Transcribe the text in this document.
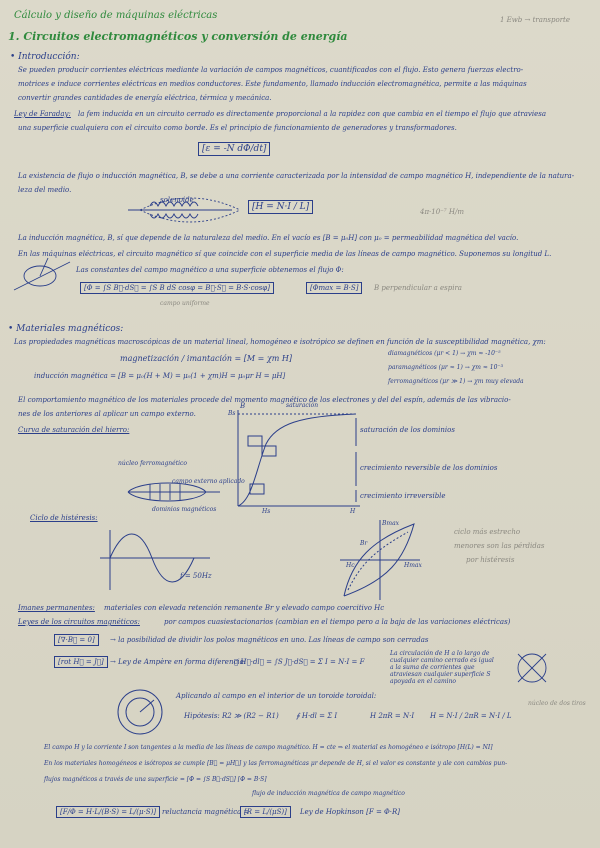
Cálculo y diseño de máquinas eléctricas	1 Ewb → transporte
1. Circuitos electromagnéticos y conversión de energía
• Introducción:
Se pueden producir corrientes eléctricas mediante la variación de campos magnéticos, cuantificados con el flujo. Esto genera fuerzas electro-
motrices e induce corrientes eléctricas en medios conductores. Este fundamento, llamado inducción electromagnética, permite a las máquinas
convertir grandes cantidades de energía eléctrica, térmica y mecánica.
Ley de Faraday: la fem inducida en un circuito cerrado es directamente proporcional a la rapidez con que cambia en el tiempo el flujo que atraviesa
una superficie cualquiera con el circuito como borde. Es el principio de funcionamiento de generadores y transformadores.
[ε = -N dΦ/dt]
La existencia de flujo o inducción magnética, B, se debe a una corriente caracterizada por la intensidad de campo magnético H, independiente de la natura-
leza del medio.
solenoide
[H = N·I / L]	4π·10⁻⁷ H/m
La inducción magnética, B, sí que depende de la naturaleza del medio. En el vacío es [B = μ₀H] con μ₀ = permeabilidad magnética del vacío.
En las máquinas eléctricas, el circuito magnético sí que coincide con el superficie media de las líneas de campo magnético. Suponemos su longitud L.
Las constantes del campo magnético a una superficie obtenemos el flujo Φ:
[Φ = ∫S B⃗·dS⃗ = ∫S B dS cosφ = B⃗·S⃗ = B·S·cosφ]	[Φmax = B·S]	B perpendicular a espira
campo uniforme
• Materiales magnéticos:
Las propiedades magnéticas macroscópicas de un material lineal, homogéneo e isotrópico se definen en función de la susceptibilidad magnética, χm:
magnetización / imantación = [M = χm H]
diamagnéticos (μr < 1) → χm ≈ -10⁻⁵
paramagnéticos (μr ≈ 1) → χm ≈ 10⁻³
ferromagnéticos (μr ≫ 1) → χm muy elevada
inducción magnética = [B = μ₀(H + M) = μ₀(1 + χm)H = μ₀μr H = μH]
El comportamiento magnético de los materiales procede del momento magnético de los electrones y del del espín, además de las vibracio-
nes de los anteriores al aplicar un campo externo.
Curva de saturación del hierro:
B	saturación
Bs
H
Hs
saturación de los dominios
crecimiento reversible de los dominios
crecimiento irreversible
núcleo ferromagnético
campo externo aplicado
dominios magnéticos
Ciclo de histéresis:
f = 50Hz
Bmax
Br
Hc	Hmax
ciclo más estrecho
menores son las pérdidas
por histéresis
Imanes permanentes: materiales con elevada retención remanente Br y elevado campo coercitivo Hc
Leyes de los circuitos magnéticos:	por campos cuasiestacionarios (cambian en el tiempo pero a la baja de las variaciones eléctricas)
[∇·B⃗ = 0]	→ la posibilidad de dividir los polos magnéticos en uno. Las líneas de campo son cerradas
[rot H⃗ = J⃗] → Ley de Ampère en forma diferencial
∮ H⃗·dl⃗ = ∫S J⃗·dS⃗ = Σ I = N·I = F
La circulación de H a lo largo de cualquier camino cerrado es igual a la suma de corrientes que atraviesan cualquier superficie S apoyada en el camino
Aplicando al campo en el interior de un toroide toroidal:
Hipótesis: R2 ≫ (R2 − R1) ∮ H·dl = Σ I	H 2πR = N·I H = N·I / 2πR = N·I / L
núcleo de dos tiros
El campo H y la corriente I son tangentes a la media de las líneas de campo magnético. H = cte ⇒ el material es homogéneo e isótropo [H(L) = NI]
En los materiales homogéneos e isótropos se cumple [B⃗ = μH⃗] y las ferromagnéticas μr depende de H, si el valor es constante y ale con cambios pun-
flujos magnéticos a través de una superficie = [Φ = ∫S B⃗·dS⃗] [Φ = B·S]
flujo de inducción magnética de campo magnético
[F/Φ = H·L/(B·S) = L/(μ·S)] reluctancia magnética =
[R = L/(μS)]	Ley de Hopkinson [F = Φ·R]
